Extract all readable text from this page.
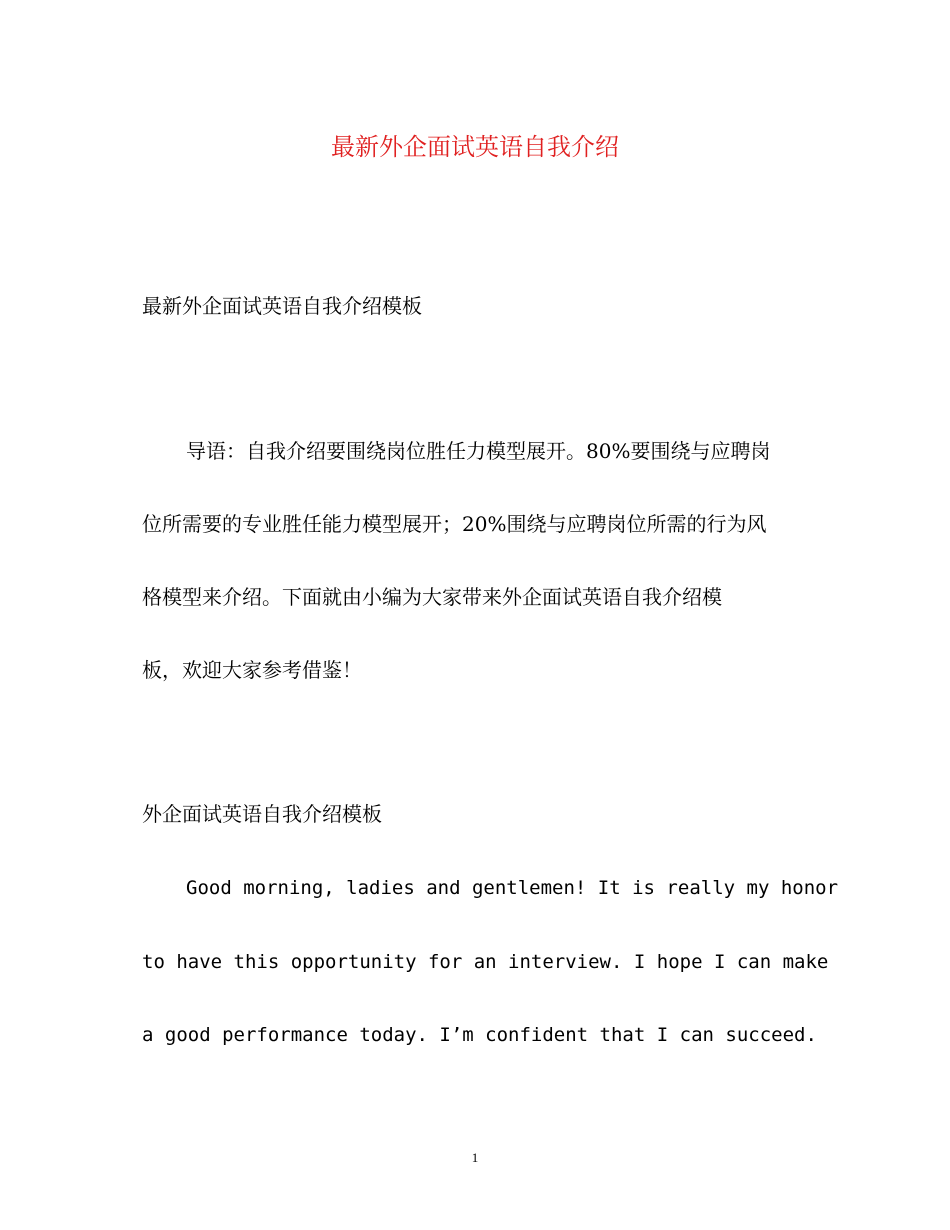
最新外企面试英语自我介绍
最新外企面试英语自我介绍模板

导语：自我介绍要围绕岗位胜任力模型展开。80%要围绕与应聘岗

位所需要的专业胜任能力模型展开；20%围绕与应聘岗位所需的行为风

格模型来介绍。下面就由小编为大家带来外企面试英语自我介绍模

板，欢迎大家参考借鉴！

外企面试英语自我介绍模板

Good morning, ladies and gentlemen! It is really my honor

to have this opportunity for an interview. I hope I can make

a good performance today. I’m confident that I can succeed.

1
